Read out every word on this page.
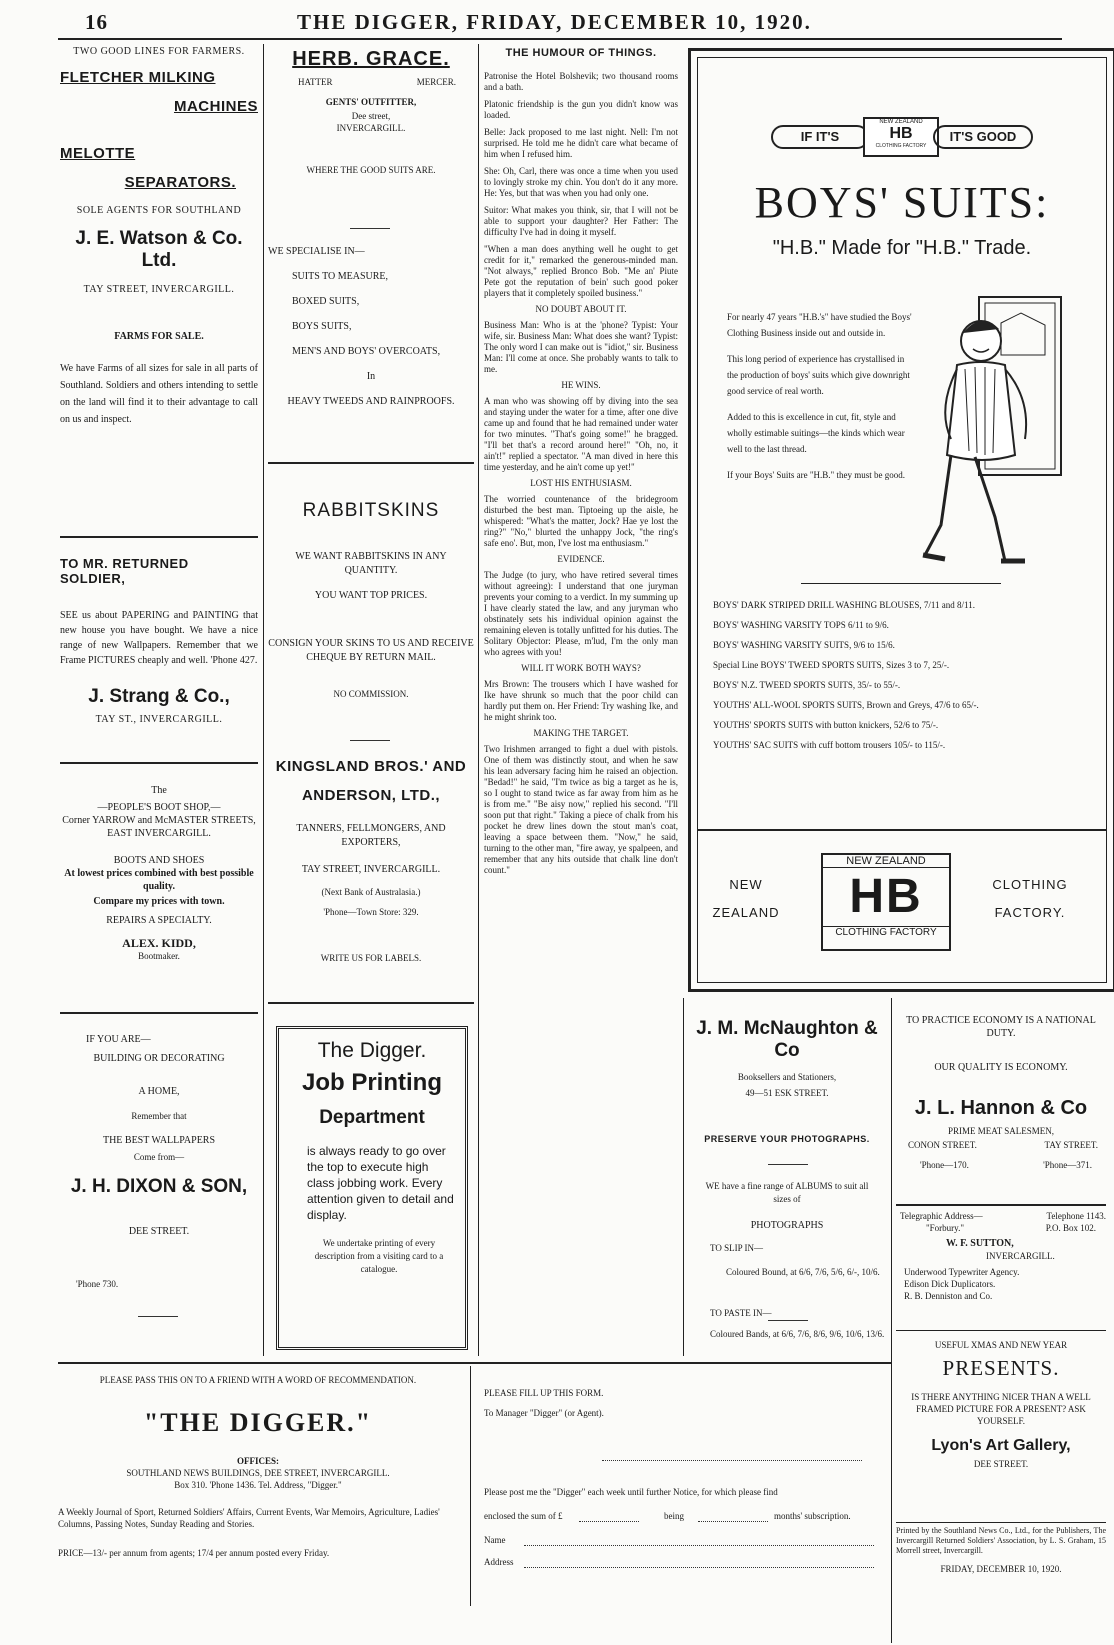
16	THE DIGGER, FRIDAY, DECEMBER 10, 1920.
TWO GOOD LINES FOR FARMERS.
FLETCHER MILKING
MACHINES
MELOTTE
SEPARATORS.
SOLE AGENTS FOR SOUTHLAND
J. E. Watson & Co. Ltd.
TAY STREET, INVERCARGILL.
FARMS FOR SALE.
We have Farms of all sizes for sale in all parts of Southland. Soldiers and others intending to settle on the land will find it to their advantage to call on us and inspect.
TO MR. RETURNED SOLDIER,
SEE us about PAPERING and PAINTING that new house you have bought. We have a nice range of new Wallpapers. Remember that we Frame PICTURES cheaply and well. 'Phone 427.
J. Strang & Co.,
TAY ST., INVERCARGILL.
The
—PEOPLE'S BOOT SHOP,—
Corner YARROW and McMASTER STREETS,
EAST INVERCARGILL.
BOOTS AND SHOES
At lowest prices combined with best possible quality.
Compare my prices with town.
REPAIRS A SPECIALTY.
ALEX. KIDD,
Bootmaker.
IF YOU ARE—
BUILDING OR DECORATING
A HOME,
Remember that
THE BEST WALLPAPERS
Come from—
J. H. DIXON & SON,
DEE STREET.
'Phone 730.
HERB. GRACE.
HATTER	MERCER.
GENTS' OUTFITTER,
Dee street,
INVERCARGILL.
WHERE THE GOOD SUITS ARE.
WE SPECIALISE IN—
SUITS TO MEASURE,
BOXED SUITS,
BOYS SUITS,
MEN'S AND BOYS' OVERCOATS,
In
HEAVY TWEEDS AND RAINPROOFS.
RABBITSKINS
WE WANT RABBITSKINS IN ANY QUANTITY.
YOU WANT TOP PRICES.
CONSIGN YOUR SKINS TO US AND RECEIVE CHEQUE BY RETURN MAIL.
NO COMMISSION.
KINGSLAND BROS.' AND
ANDERSON, LTD.,
TANNERS, FELLMONGERS, AND EXPORTERS,
TAY STREET, INVERCARGILL.
(Next Bank of Australasia.)
'Phone—Town Store: 329.
WRITE US FOR LABELS.
The Digger.
Job Printing
Department
is always ready to go over the top to execute high class jobbing work. Every attention given to detail and display.
We undertake printing of every description from a visiting card to a catalogue.
THE HUMOUR OF THINGS.

Patronise the Hotel Bolshevik; two thousand rooms and a bath.

Platonic friendship is the gun you didn't know was loaded.

Belle: Jack proposed to me last night. Nell: I'm not surprised. He told me he didn't care what became of him when I refused him.

She: Oh, Carl, there was once a time when you used to lovingly stroke my chin. You don't do it any more. He: Yes, but that was when you had only one.

Suitor: What makes you think, sir, that I will not be able to support your daughter? Her Father: The difficulty I've had in doing it myself.

"When a man does anything well he ought to get credit for it," remarked the generous-minded man. "Not always," replied Bronco Bob. "Me an' Piute Pete got the reputation of bein' such good poker players that it completely spoiled business."

NO DOUBT ABOUT IT.

Business Man: Who is at the 'phone? Typist: Your wife, sir. Business Man: What does she want? Typist: The only word I can make out is "idiot," sir. Business Man: I'll come at once. She probably wants to talk to me.

HE WINS.

A man who was showing off by diving into the sea and staying under the water for a time, after one dive came up and found that he had remained under water for two minutes. "That's going some!" he bragged. "I'll bet that's a record around here!" "Oh, no, it ain't!" replied a spectator. "A man dived in here this time yesterday, and he ain't come up yet!"

LOST HIS ENTHUSIASM.

The worried countenance of the bridegroom disturbed the best man. Tiptoeing up the aisle, he whispered: "What's the matter, Jock? Hae ye lost the ring?" "No," blurted the unhappy Jock, "the ring's safe eno'. But, mon, I've lost ma enthusiasm."

EVIDENCE.

The Judge (to jury, who have retired several times without agreeing): I understand that one juryman prevents your coming to a verdict. In my summing up I have clearly stated the law, and any juryman who obstinately sets his individual opinion against the remaining eleven is totally unfitted for his duties. The Solitary Objector: Please, m'lud, I'm the only man who agrees with you!

WILL IT WORK BOTH WAYS?

Mrs Brown: The trousers which I have washed for Ike have shrunk so much that the poor child can hardly put them on. Her Friend: Try washing Ike, and he might shrink too.

MAKING THE TARGET.

Two Irishmen arranged to fight a duel with pistols. One of them was distinctly stout, and when he saw his lean adversary facing him he raised an objection. "Bedad!" he said, "I'm twice as big a target as he is, so I ought to stand twice as far away from him as he is from me." "Be aisy now," replied his second. "I'll soon put that right." Taking a piece of chalk from his pocket he drew lines down the stout man's coat, leaving a space between them. "Now," he said, turning to the other man, "fire away, ye spalpeen, and remember that any hits outside that chalk line don't count."

IF IT'S
NEW ZEALAND
HB
CLOTHING FACTORY
IT'S GOOD
BOYS' SUITS:
"H.B." Made for "H.B." Trade.

For nearly 47 years "H.B.'s" have studied the Boys' Clothing Business inside out and outside in.

This long period of experience has crystallised in the production of boys' suits which give downright good service of real worth.

Added to this is excellence in cut, fit, style and wholly estimable suitings—the kinds which wear well to the last thread.

If your Boys' Suits are "H.B." they must be good.

BOYS' DARK STRIPED DRILL WASHING BLOUSES, 7/11 and 8/11.

BOYS' WASHING VARSITY TOPS 6/11 to 9/6.

BOYS' WASHING VARSITY SUITS, 9/6 to 15/6.

Special Line BOYS' TWEED SPORTS SUITS, Sizes 3 to 7, 25/-.

BOYS' N.Z. TWEED SPORTS SUITS, 35/- to 55/-.

YOUTHS' ALL-WOOL SPORTS SUITS, Brown and Greys, 47/6 to 65/-.

YOUTHS' SPORTS SUITS with button knickers, 52/6 to 75/-.

YOUTHS' SAC SUITS with cuff bottom trousers 105/- to 115/-.

NEW
ZEALAND
NEW ZEALAND
HB
CLOTHING FACTORY
CLOTHING
FACTORY.
J. M. McNaughton & Co
Booksellers and Stationers,
49—51 ESK STREET.
PRESERVE YOUR PHOTOGRAPHS.
WE have a fine range of ALBUMS to suit all sizes of
PHOTOGRAPHS
TO SLIP IN—
Coloured Bound, at 6/6, 7/6, 5/6, 6/-, 10/6.
TO PASTE IN—
Coloured Bands, at 6/6, 7/6, 8/6, 9/6, 10/6, 13/6.
TO PRACTICE ECONOMY IS A NATIONAL DUTY.
OUR QUALITY IS ECONOMY.
J. L. Hannon & Co
PRIME MEAT SALESMEN,
CONON STREET.	TAY STREET.
'Phone—170.	'Phone—371.
Telegraphic Address—	Telephone 1143.
"Forbury."	P.O. Box 102.
W. F. SUTTON,
INVERCARGILL.
Underwood Typewriter Agency.
Edison Dick Duplicators.
R. B. Denniston and Co.
USEFUL XMAS AND NEW YEAR
PRESENTS.
IS THERE ANYTHING NICER THAN A WELL FRAMED PICTURE FOR A PRESENT? ASK YOURSELF.
Lyon's Art Gallery,
DEE STREET.
Printed by the Southland News Co., Ltd., for the Publishers, The Invercargill Returned Soldiers' Association, by L. S. Graham, 15 Morrell street, Invercargill.
FRIDAY, DECEMBER 10, 1920.
PLEASE PASS THIS ON TO A FRIEND WITH A WORD OF RECOMMENDATION.
"THE DIGGER."
OFFICES:
SOUTHLAND NEWS BUILDINGS, DEE STREET, INVERCARGILL.
Box 310. 'Phone 1436. Tel. Address, "Digger."
A Weekly Journal of Sport, Returned Soldiers' Affairs, Current Events, War Memoirs, Agriculture, Ladies' Columns, Passing Notes, Sunday Reading and Stories.
PRICE—13/- per annum from agents; 17/4 per annum posted every Friday.
PLEASE FILL UP THIS FORM.
To Manager "Digger" (or Agent).
Please post me the "Digger" each week until further Notice, for which please find
enclosed the sum of £	being	months' subscription.
Name
Address
